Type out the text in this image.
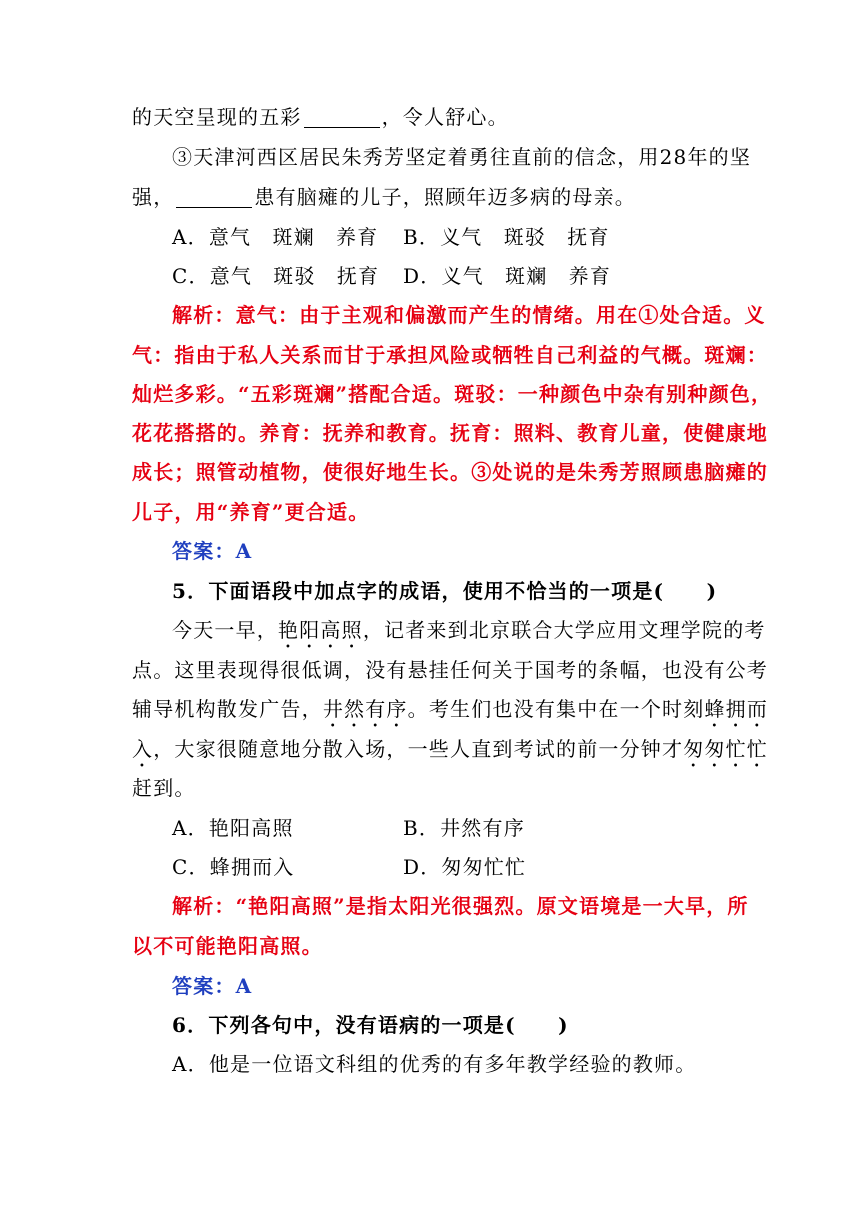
的天空呈现的五彩	，令人舒心。
③天津河西区居民朱秀芳坚定着勇往直前的信念，用28年的坚
强，	患有脑瘫的儿子，照顾年迈多病的母亲。
A．意气　斑斓　养育 B．义气　斑驳　抚育
C．意气　斑驳　抚育 D．义气　斑斓　养育
解析：意气：由于主观和偏激而产生的情绪。用在①处合适。义
气：指由于私人关系而甘于承担风险或牺牲自己利益的气概。斑斓：
灿烂多彩。“五彩斑斓”搭配合适。斑驳：一种颜色中杂有别种颜色，
花花搭搭的。养育：抚养和教育。抚育：照料、教育儿童，使健康地
成长；照管动植物，使很好地生长。③处说的是朱秀芳照顾患脑瘫的
儿子，用“养育”更合适。
答案：A
5．下面语段中加点字的成语，使用不恰当的一项是(　　)
今天一早，艳阳高照，记者来到北京联合大学应用文理学院的考
点。这里表现得很低调，没有悬挂任何关于国考的条幅，也没有公考
辅导机构散发广告，井然有序。考生们也没有集中在一个时刻蜂拥而
入，大家很随意地分散入场，一些人直到考试的前一分钟才匆匆忙忙
赶到。
A．艳阳高照	B．井然有序
C．蜂拥而入	D．匆匆忙忙
解析：“艳阳高照”是指太阳光很强烈。原文语境是一大早，所
以不可能艳阳高照。
答案：A
6．下列各句中，没有语病的一项是(　　)
A．他是一位语文科组的优秀的有多年教学经验的教师。
